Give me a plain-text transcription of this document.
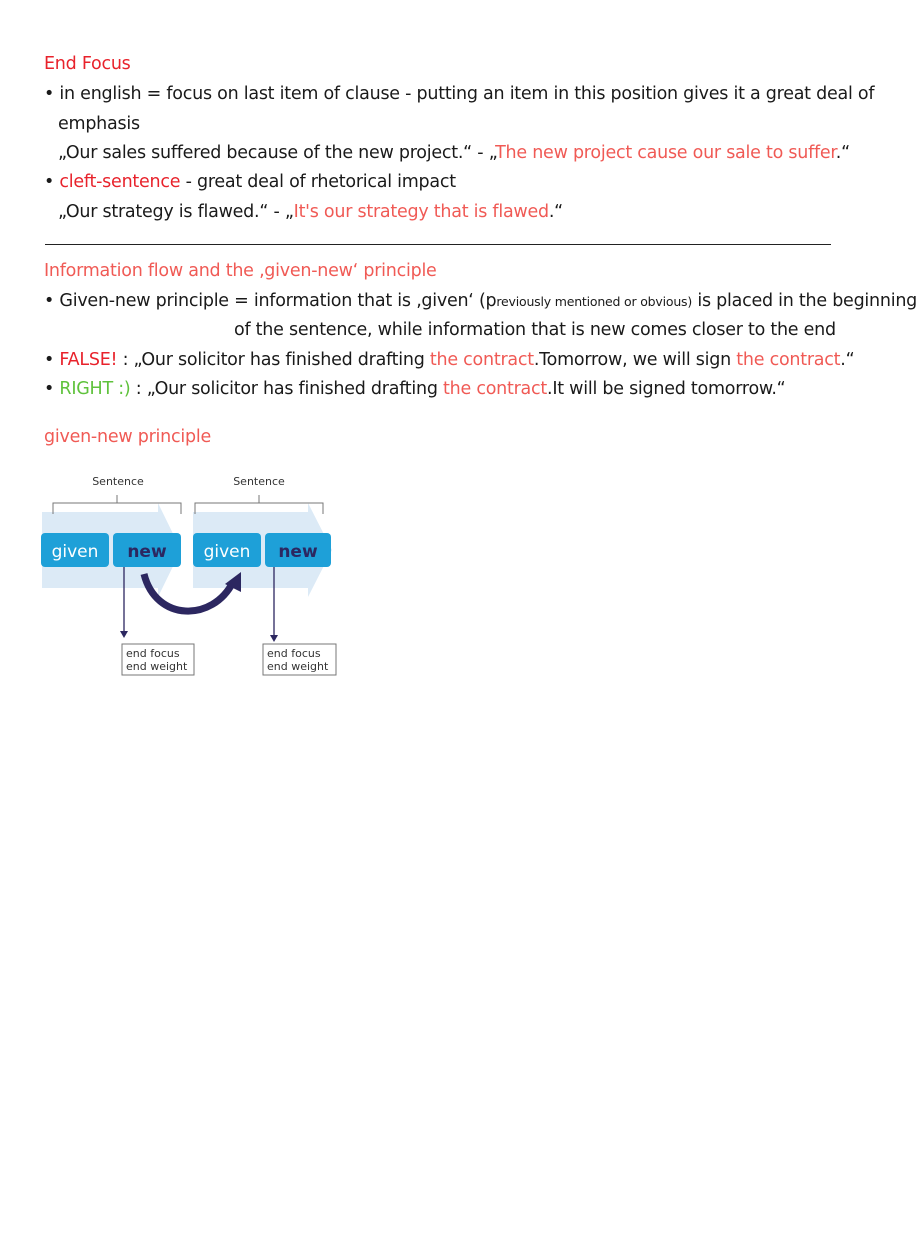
End Focus
• in english = focus on last item of clause - putting an item in this position gives it a great deal of
emphasis
„Our sales suffered because of the new project.“ - „The new project cause our sale to suffer.“
• cleft-sentence - great deal of rhetorical impact
„Our strategy is flawed.“ - „It's our strategy that is flawed.“
Information flow and the ‚given-new‘ principle
• Given-new principle = information that is ‚given‘ (previously mentioned or obvious) is placed in the beginning
of the sentence, while information that is new comes closer to the end
• FALSE! : „Our solicitor has finished drafting the contract.Tomorrow, we will sign the contract.“
• RIGHT :) : „Our solicitor has finished drafting the contract.It will be signed tomorrow.“
given-new principle
Sentence	Sentence
given new given new
end focus
end weight
end focus
end weight
